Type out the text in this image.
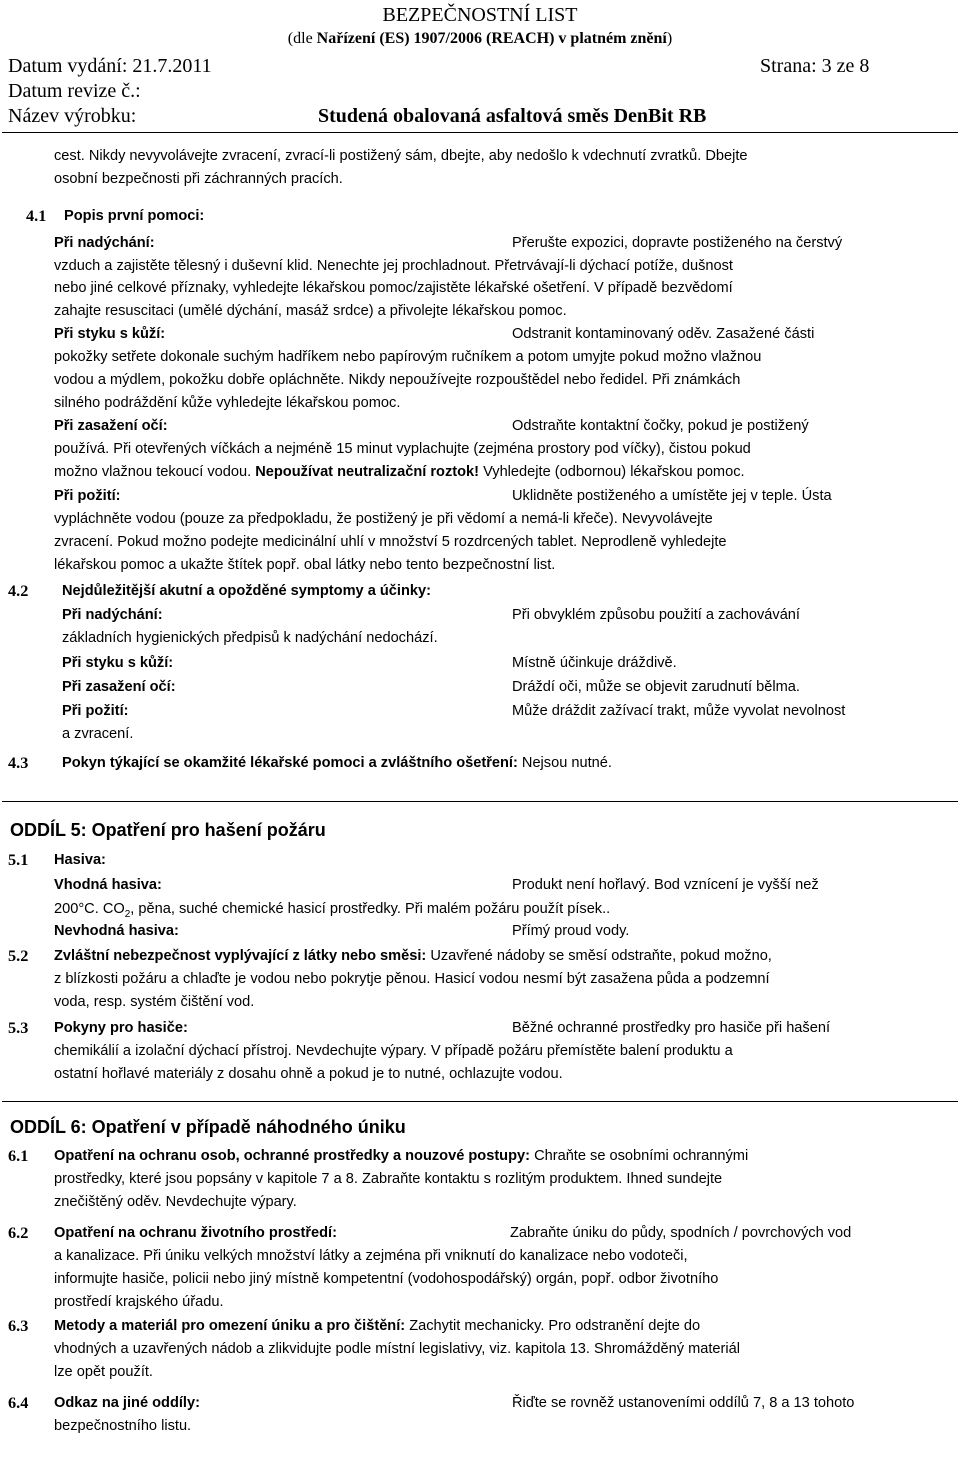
BEZPEČNOSTNÍ LIST
(dle Nařízení (ES) 1907/2006 (REACH) v platném znění)
Datum vydání: 21.7.2011	Strana: 3 ze 8
Datum revize č.:
Název výrobku:	Studená obalovaná asfaltová směs DenBit RB
cest. Nikdy nevyvolávejte zvracení, zvrací-li postižený sám, dbejte, aby nedošlo k vdechnutí zvratků. Dbejte
osobní bezpečnosti při záchranných pracích.
4.1 Popis první pomoci:
Při nadýchání:	Přerušte expozici, dopravte postiženého na čerstvý
vzduch a zajistěte tělesný i duševní klid. Nenechte jej prochladnout. Přetrvávají-li dýchací potíže, dušnost
nebo jiné celkové příznaky, vyhledejte lékařskou pomoc/zajistěte lékařské ošetření. V případě bezvědomí
zahajte resuscitaci (umělé dýchání, masáž srdce) a přivolejte lékařskou pomoc.
Při styku s kůží:	Odstranit kontaminovaný oděv. Zasažené části
pokožky setřete dokonale suchým hadříkem nebo papírovým ručníkem a potom umyjte pokud možno vlažnou
vodou a mýdlem, pokožku dobře opláchněte. Nikdy nepoužívejte rozpouštědel nebo ředidel. Při známkách
silného podráždění kůže vyhledejte lékařskou pomoc.
Při zasažení očí:	Odstraňte kontaktní čočky, pokud je postižený
používá. Při otevřených víčkách a nejméně 15 minut vyplachujte (zejména prostory pod víčky), čistou pokud
možno vlažnou tekoucí vodou. Nepoužívat neutralizační roztok! Vyhledejte (odbornou) lékařskou pomoc.
Při požití:	Uklidněte postiženého a umístěte jej v teple. Ústa
vypláchněte vodou (pouze za předpokladu, že postižený je při vědomí a nemá-li křeče). Nevyvolávejte
zvracení. Pokud možno podejte medicinální uhlí v množství 5 rozdrcených tablet. Neprodleně vyhledejte
lékařskou pomoc a ukažte štítek popř. obal látky nebo tento bezpečnostní list.
4.2 Nejdůležitější akutní a opožděné symptomy a účinky:
Při nadýchání:	Při obvyklém způsobu použití a zachovávání
základních hygienických předpisů k nadýchání nedochází.
Při styku s kůží:	Místně účinkuje dráždivě.
Při zasažení očí:	Dráždí oči, může se objevit zarudnutí bělma.
Při požití:	Může dráždit zažívací trakt, může vyvolat nevolnost
a zvracení.
4.3 Pokyn týkající se okamžité lékařské pomoci a zvláštního ošetření: Nejsou nutné.
ODDÍL 5: Opatření pro hašení požáru
5.1 Hasiva:
Vhodná hasiva:	Produkt není hořlavý. Bod vznícení je vyšší než
200°C. $CO_2$, pěna, suché chemické hasicí prostředky. Při malém požáru použít písek..
Nevhodná hasiva:	Přímý proud vody.
5.2 Zvláštní nebezpečnost vyplývající z látky nebo směsi: Uzavřené nádoby se směsí odstraňte, pokud možno,
z blízkosti požáru a chlaďte je vodou nebo pokrytje pěnou. Hasicí vodou nesmí být zasažena půda a podzemní
voda, resp. systém čištění vod.
5.3 Pokyny pro hasiče:	Běžné ochranné prostředky pro hasiče při hašení
chemikálií a izolační dýchací přístroj. Nevdechujte výpary. V případě požáru přemístěte balení produktu a
ostatní hořlavé materiály z dosahu ohně a pokud je to nutné, ochlazujte vodou.
ODDÍL 6: Opatření v případě náhodného úniku
6.1 Opatření na ochranu osob, ochranné prostředky a nouzové postupy: Chraňte se osobními ochrannými
prostředky, které jsou popsány v kapitole 7 a 8. Zabraňte kontaktu s rozlitým produktem. Ihned sundejte
znečištěný oděv. Nevdechujte výpary.
6.2 Opatření na ochranu životního prostředí:	Zabraňte úniku do půdy, spodních / povrchových vod
a kanalizace. Při úniku velkých množství látky a zejména při vniknutí do kanalizace nebo vodoteči,
informujte hasiče, policii nebo jiný místně kompetentní (vodohospodářský) orgán, popř. odbor životního
prostředí krajského úřadu.
6.3 Metody a materiál pro omezení úniku a pro čištění: Zachytit mechanicky. Pro odstranění dejte do
vhodných a uzavřených nádob a zlikvidujte podle místní legislativy, viz. kapitola 13. Shromážděný materiál
lze opět použít.
6.4 Odkaz na jiné oddíly:	Řiďte se rovněž ustanoveními oddílů 7, 8 a 13 tohoto
bezpečnostního listu.
